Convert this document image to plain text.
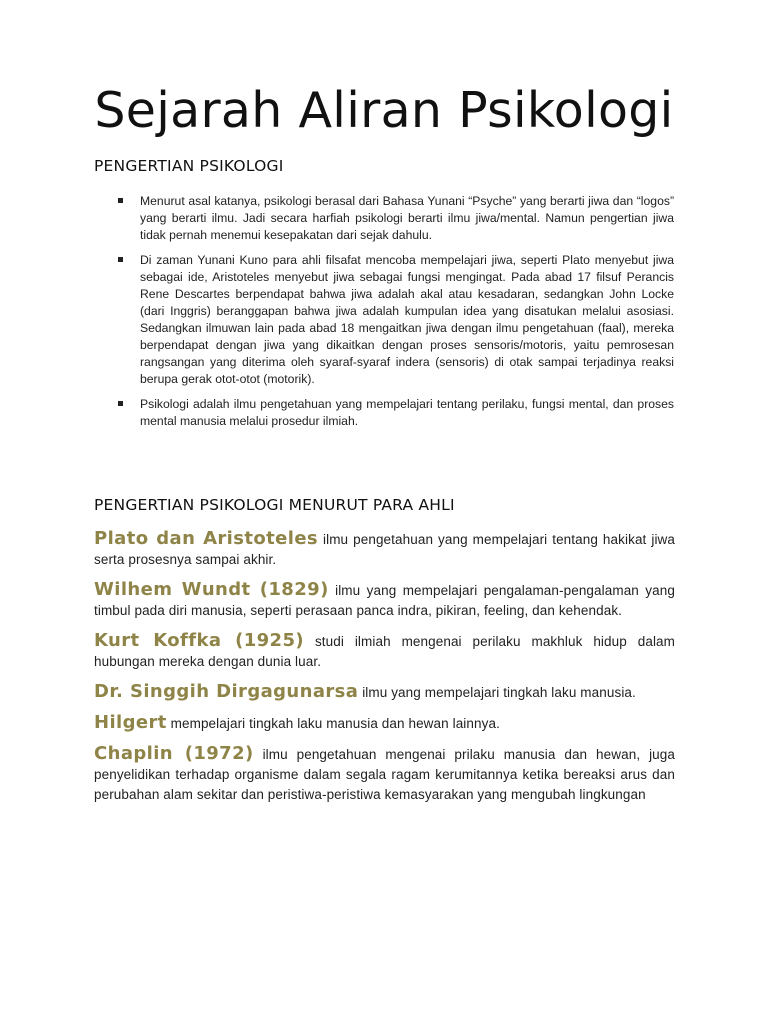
Sejarah Aliran Psikologi
PENGERTIAN PSIKOLOGI
Menurut asal katanya, psikologi berasal dari Bahasa Yunani “Psyche” yang berarti jiwa dan “logos” yang berarti ilmu. Jadi secara harfiah psikologi berarti ilmu jiwa/mental. Namun pengertian jiwa tidak pernah menemui kesepakatan dari sejak dahulu.
Di zaman Yunani Kuno para ahli filsafat mencoba mempelajari jiwa, seperti Plato menyebut jiwa sebagai ide, Aristoteles menyebut jiwa sebagai fungsi mengingat. Pada abad 17 filsuf Perancis Rene Descartes berpendapat bahwa jiwa adalah akal atau kesadaran, sedangkan John Locke (dari Inggris) beranggapan bahwa jiwa adalah kumpulan idea yang disatukan melalui asosiasi. Sedangkan ilmuwan lain pada abad 18 mengaitkan jiwa dengan ilmu pengetahuan (faal), mereka berpendapat dengan jiwa yang dikaitkan dengan proses sensoris/motoris, yaitu pemrosesan rangsangan yang diterima oleh syaraf-syaraf indera (sensoris) di otak sampai terjadinya reaksi berupa gerak otot-otot (motorik).
Psikologi adalah ilmu pengetahuan yang mempelajari tentang perilaku, fungsi mental, dan proses mental manusia melalui prosedur ilmiah.
PENGERTIAN PSIKOLOGI MENURUT PARA AHLI

Plato dan Aristoteles ilmu pengetahuan yang mempelajari tentang hakikat jiwa serta prosesnya sampai akhir.

Wilhem Wundt (1829) ilmu yang mempelajari pengalaman-pengalaman yang timbul pada diri manusia, seperti perasaan panca indra, pikiran, feeling, dan kehendak.

Kurt Koffka (1925) studi ilmiah mengenai perilaku makhluk hidup dalam hubungan mereka dengan dunia luar.

Dr. Singgih Dirgagunarsa ilmu yang mempelajari tingkah laku manusia.

Hilgert mempelajari tingkah laku manusia dan hewan lainnya.

Chaplin (1972) ilmu pengetahuan mengenai prilaku manusia dan hewan, juga penyelidikan terhadap organisme dalam segala ragam kerumitannya ketika bereaksi arus dan perubahan alam sekitar dan peristiwa-peristiwa kemasyarakan yang mengubah lingkungan
